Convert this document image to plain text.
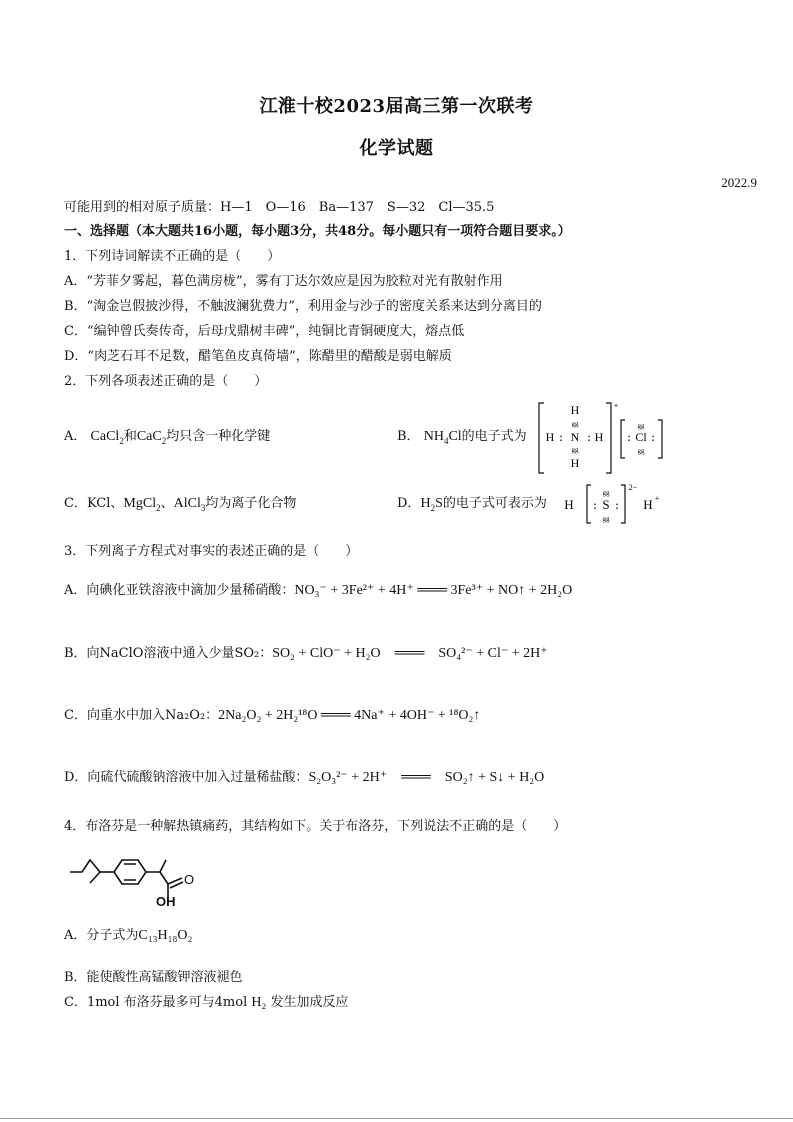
江淮十校2023届高三第一次联考
化学试题
2022.9
可能用到的相对原子质量：H—1　O—16　Ba—137　S—32　Cl—35.5
一、选择题（本大题共16小题，每小题3分，共48分。每小题只有一项符合题目要求。）
1．下列诗词解读不正确的是（　　）
A．“芳菲夕雾起，暮色满房栊”，雾有丁达尔效应是因为胶粒对光有散射作用
B．“淘金岂假披沙得，不触波澜犹费力”，利用金与沙子的密度关系来达到分离目的
C．“编钟曾氏奏传奇，后母戊鼎树丰碑”，纯铜比青铜硬度大，熔点低
D．“肉芝石耳不足数，醋笔鱼皮真倚墙”，陈醋里的醋酸是弱电解质
2．下列各项表述正确的是（　　）
A． CaCl$_2$和CaC$_2$均只含一种化学键	B． $NH_4Cl$的电子式为
H
gg
H : N : H
gg
H
+
gg
: Cl :
gg
C．KCl、MgCl$_2$、AlCl$_3$均为离子化合物	D．$H_2S$的电子式可表示为 H
gg
: S :
gg
2−
H +
3．下列离子方程式对事实的表述正确的是（　　）
A．向碘化亚铁溶液中滴加少量稀硝酸：NO₃⁻ + 3Fe²⁺ + 4H⁺ ═══ 3Fe³⁺ + NO↑ + 2H₂O
B．向NaClO溶液中通入少量SO₂：SO₂ + ClO⁻ + H₂O　═══　SO₄²⁻ + Cl⁻ + 2H⁺
C．向重水中加入Na₂O₂：2Na₂O₂ + 2H₂¹⁸O ═══ 4Na⁺ + 4OH⁻ + ¹⁸O₂↑
D．向硫代硫酸钠溶液中加入过量稀盐酸：S₂O₃²⁻ + 2H⁺　═══　SO₂↑ + S↓ + H₂O
4．布洛芬是一种解热镇痛药，其结构如下。关于布洛芬，下列说法不正确的是（　　）
O
OH
A．分子式为C₁₃H₁₈O₂
B．能使酸性高锰酸钾溶液褪色
C．1mol 布洛芬最多可与4mol H₂ 发生加成反应
